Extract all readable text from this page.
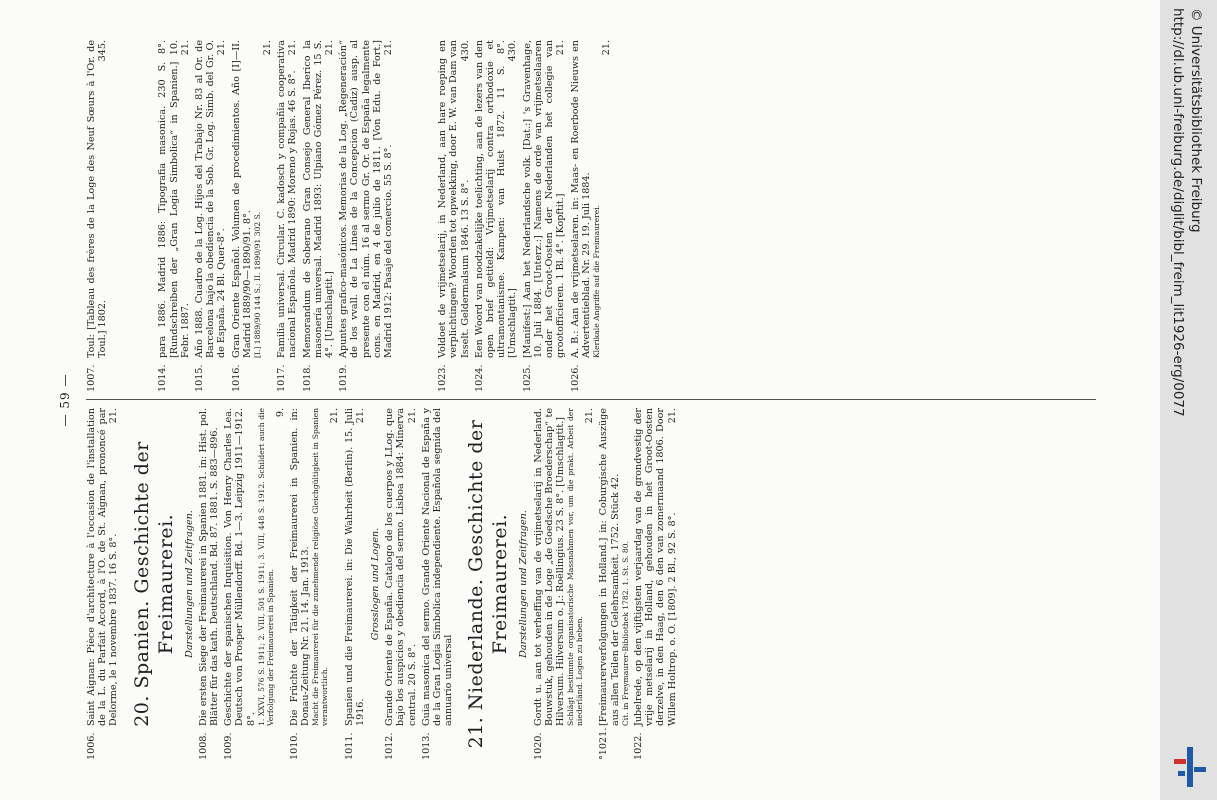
— 59 —
1006.
Saint Aignan: Pièce d'architecture à l'occasion de l'installation de la L. du Parfait Accord, à l'O. de St. Aignan, prononcé par Delorme, le 1 novembre 1837. 16 S. 8°.
21.
20. Spanien. Geschichte der Freimaurerei. Darstellungen und Zeitfragen.
1008.
Die ersten Siege der Freimaurerei in Spanien 1881. in: Hist. pol. Blätter für das kath. Deutschland. Bd. 87. 1881. S. 883—896.
1009.
Geschichte der spanischen Inquisition. Von Henry Charles Lea. Deutsch von Prosper Müllendorff. Bd. 1—3. Leipzig 1911—1912. 8°. 1. XXVI, 576 S. 1911; 2. VIII, 501 S. 1911; 3. VIII, 448 S. 1912. Schildert auch die Verfolgung der Freimaurerei in Spanien.
9.
1010.
Die Früchte der Tätigkeit der Freimaurerei in Spanien. in: Donau-Zeitung Nr. 21. 14. Jan. 1913. Macht die Freimaurerei für die zunehmende religiöse Gleichgültigkeit in Spanien verantwortlich.
21.
1011.
Spanien und die Freimaurerei. in: Die Wahrheit (Berlin). 15. Juli 1916.
21.
Grosslogen und Logen.
1012.
Grande Oriente de España. Catalogo de los cuerpos y LLog. que bajo los auspicios y obediencia del sermo. Lisboa 1884: Minerva central. 20 S. 8°.
21.
1013.
Guia masonica del sermo. Grande Oriente Nacional de España y de la Gran Logia Simbolica independiente. Española segnida del annuario universal 21. Niederlande. Geschichte der Freimaurerei. Darstellungen und Zeitfragen.
1020.
Gordt u. aan tot verheffing van de vrijmetselarij in Nederland. Bouwstuk, gehouden in de Loge „de Goedsche Broederschap“ te Hilversum. Hilversum o. J.: Roëllingius. 23 S. 8°. [Umschlagtit.] Schlägt bestimmte organisatorische Massnahmen vor, um die prakt. Arbeit der niederländ. Logen zu heben.
21.
°1021.
[Freimaurerverfolgungen in Holland.] in: Coburgische Auszüge aus allen Teilen der Gelehrsamkeit. 1752. Stück 42. Cit. in Freymaurer-Bibliothek 1782. 1. St. S. 80.
1022.
Jubelrede, op den vijftigsten verjaardag van de grondvestig der vrije metselarij in Holland, gehouden in het Groot-Oosten derzelve, in den Haag, den 6 den van zomermaand 1806. Door Willem Holtrop. o. O. [1809]. 2 Bl., 92 S. 8°.
21.
1007.
Toul: [Tableau des frères de la Loge des Neuf Sœurs à l'Or. de Toul.] 1802.
345.
1014.
para 1886. Madrid 1886: Tipografia masonica. 230 S. 8°. [Rundschreiben der „Gran Logia Simbolica“ in Spanien.] 10. Febr. 1887.
21.
1015.
Año 1888. Cuadro de la Log. Hijos del Trabajo Nr. 83 al Or. de Barcelona bajo la obediencia de la Sob. Gr. Log. Simb. del Gr. O. de España. 24 Bl. Quer-8°.
21.
1016.
Gran Oriente Español. Volumen de procedimientos. Año [I]—II. Madrid 1889/90—1890/91. 8°. [I.] 1889/90 144 S.; II. 1890/91 302 S.
21.
1017.
Familia universal. Circular. C. kadosch y compañia cooperativa nacional Española. Madrid 1890: Moreno y Rojas. 46 S. 8°.
21.
1018.
Memorandum de Soberano Gran Consejo General Iberico la masonería universal. Madrid 1893: Ulpiano Gómez Pérez. 15 S. 4°. [Umschlagtit.]
21.
1019.
Apuntes grafico-masónicos. Memorias de la Log. „Regeneración“ de los vvall. de La Linea de la Concepcion (Cadiz) ausp. al presente con el núm. 16 al sermo Gr. Or. de España legalmente cons. en Madrid, en 4 de julio de 1811. [Von Edu. de Fort.] Madrid 1912: Pasaje del comercio. 55 S. 8°.
21.
1023.
Voldoet de vrijmetselarij, in Nederland, aan hare roeping en verplichtingen? Woorden tot opwekking, door E. W. van Dam van Isselt. Geldermalsum 1846. 13 S. 8°.
430.
1024.
Een Woord van noodzakelijke toelichting, aan de lezers van den open brief getiteld: Vrijmetselarij contra orthodoxie et ultramontanisme. Kampen: van Hulst 1872. 11 S. 8°. [Umschlagtit.]
430.
1025.
[Manifest:] Aan het Nederlandsche volk. [Dat.:] 's Gravenhage, 10. Juli 1884. [Unterz.:] Namens de orde van vrijmetselaaren onder het Groot-Oosten der Nederlanden het collegie van grootofficieren. 1 Bl. 4°. [Kopftit.]
21.
1026.
A. B.: Aan de vrijmetselaren. in: Maas- en Roerbode Nieuws en Advertentieblad. Nr. 29. 19. Juli 1884. Klerikale Angriffe auf die Freimaurerei.
21.	http://dl.ub.uni-freiburg.de/diglit/bibl_freim_lit1926-erg/0077 © Universitätsbibliothek Freiburg
